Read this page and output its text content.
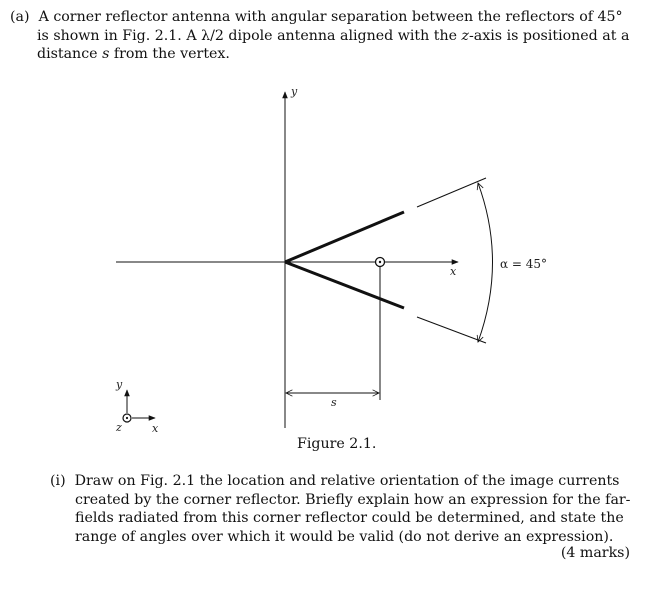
(a) A corner reflector antenna with angular separation between the reflectors of 45° is shown in Fig. 2.1. A λ/2 dipole antenna aligned with the z-axis is positioned at a distance s from the vertex.
y
x
α = 45°
s
y
x
z
Figure 2.1.
(i) Draw on Fig. 2.1 the location and relative orientation of the image currents created by the corner reflector. Briefly explain how an expression for the far-fields radiated from this corner reflector could be determined, and state the range of angles over which it would be valid (do not derive an expression).
(4 marks)
